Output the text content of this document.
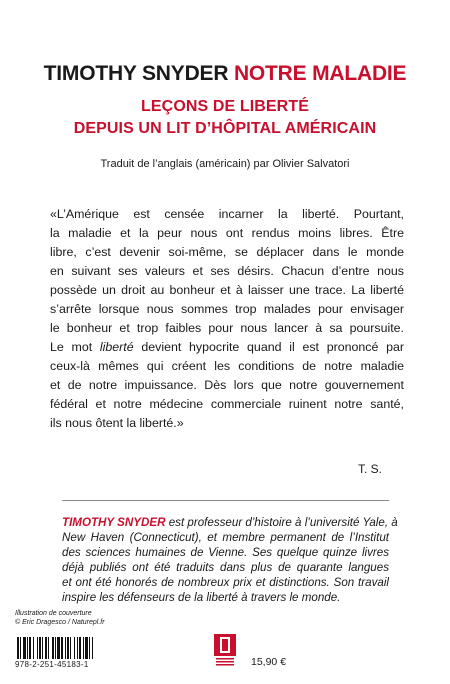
TIMOTHY SNYDER NOTRE MALADIE
LEÇONS DE LIBERTÉ
DEPUIS UN LIT D’HÔPITAL AMÉRICAIN
Traduit de l’anglais (américain) par Olivier Salvatori
«L’Amérique est censée incarner la liberté. Pourtant,
la maladie et la peur nous ont rendus moins libres. Être
libre, c’est devenir soi-même, se déplacer dans le monde
en suivant ses valeurs et ses désirs. Chacun d’entre nous
possède un droit au bonheur et à laisser une trace. La liberté
s’arrête lorsque nous sommes trop malades pour envisager
le bonheur et trop faibles pour nous lancer à sa poursuite.
Le mot liberté devient hypocrite quand il est prononcé par
ceux-là mêmes qui créent les conditions de notre maladie
et de notre impuissance. Dès lors que notre gouvernement
fédéral et notre médecine commerciale ruinent notre santé,
ils nous ôtent la liberté.»
T. S.
TIMOTHY SNYDER est professeur d’histoire à l’université Yale, à
New Haven (Connecticut), et membre permanent de l’Institut
des sciences humaines de Vienne. Ses quelque quinze livres
déjà publiés ont été traduits dans plus de quarante langues
et ont été honorés de nombreux prix et distinctions. Son travail
Illustration de couverture
© Eric Dragesco / Naturepl.fr
978-2-251-45183-1	15,90 €
inspire les défenseurs de la liberté à travers le monde.
